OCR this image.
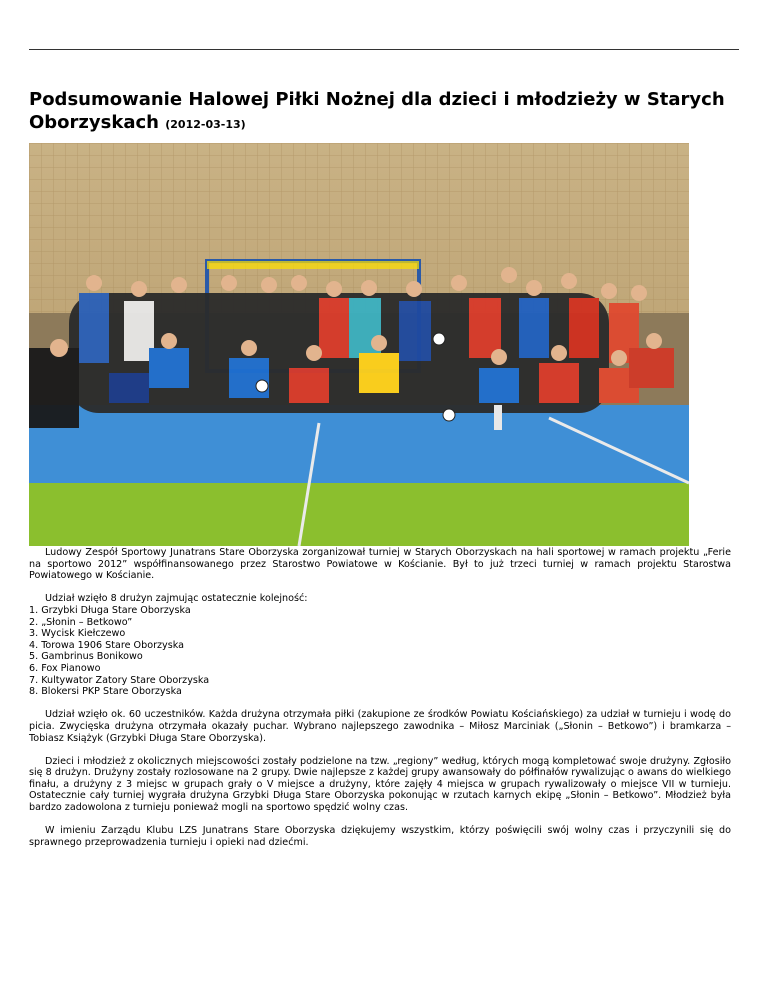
Podsumowanie Halowej Piłki Nożnej dla dzieci i młodzieży w Starych Oborzyskach (2012-03-13)

Ludowy Zespół Sportowy Junatrans Stare Oborzyska zorganizował turniej w Starych Oborzyskach na hali sportowej w ramach projektu „Ferie na sportowo 2012” współfinansowanego przez Starostwo Powiatowe w Kościanie. Był to już trzeci turniej w ramach projektu Starostwa Powiatowego w Kościanie.

Udział wzięło 8 drużyn zajmując ostatecznie kolejność:

1. Grzybki Długa Stare Oborzyska
2. „Słonin – Betkowo”
3. Wycisk Kiełczewo
4. Torowa 1906 Stare Oborzyska
5. Gambrinus Bonikowo
6. Fox Pianowo
7. Kultywator Zatory Stare Oborzyska
8. Blokersi PKP Stare Oborzyska

Udział wzięło ok. 60 uczestników. Każda drużyna otrzymała piłki (zakupione ze środków Powiatu Kościańskiego) za udział w turnieju i wodę do picia. Zwycięska drużyna otrzymała okazały puchar. Wybrano najlepszego zawodnika – Miłosz Marciniak („Słonin – Betkowo”) i bramkarza – Tobiasz Książyk (Grzybki Długa Stare Oborzyska).

Dzieci i młodzież z okolicznych miejscowości zostały podzielone na tzw. „regiony” według, których mogą kompletować swoje drużyny. Zgłosiło się 8 drużyn. Drużyny zostały rozlosowane na 2 grupy. Dwie najlepsze z każdej grupy awansowały do półfinałów rywalizując o awans do wielkiego finału, a drużyny z 3 miejsc w grupach grały o V miejsce a drużyny, które zajęły 4 miejsca w grupach rywalizowały o miejsce VII w turnieju. Ostatecznie cały turniej wygrała drużyna Grzybki Długa Stare Oborzyska pokonując w rzutach karnych ekipę „Słonin – Betkowo”. Młodzież była bardzo zadowolona z turnieju ponieważ mogli na sportowo spędzić wolny czas.

W imieniu Zarządu Klubu LZS Junatrans Stare Oborzyska dziękujemy wszystkim, którzy poświęcili swój wolny czas i przyczynili się do sprawnego przeprowadzenia turnieju i opieki nad dziećmi.
